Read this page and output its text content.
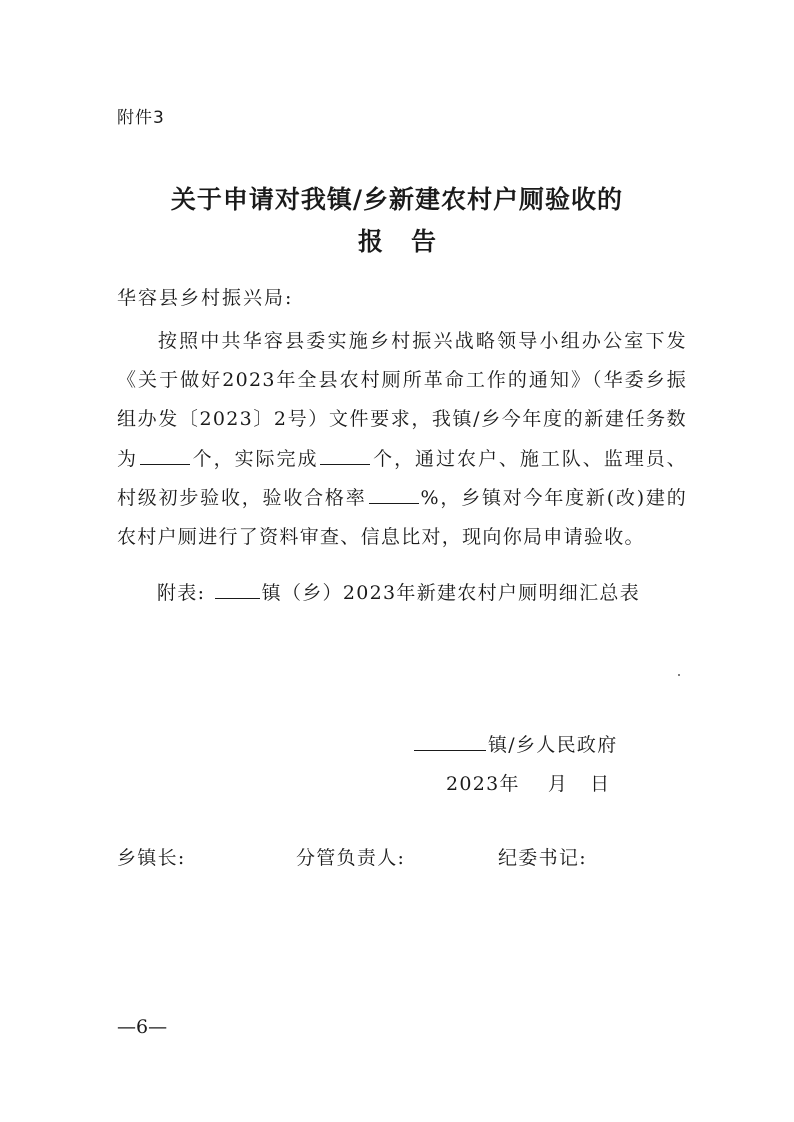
附件3
关于申请对我镇/乡新建农村户厕验收的
报告
华容县乡村振兴局:
按照中共华容县委实施乡村振兴战略领导小组办公室下发《关于做好2023年全县农村厕所革命工作的通知》（华委乡振组办发〔2023〕2号）文件要求，我镇/乡今年度的新建任务数为	个，实际完成	个，通过农户、施工队、监理员、村级初步验收，验收合格率	%，乡镇对今年度新(改)建的农村户厕进行了资料审查、信息比对，现向你局申请验收。
附表:	镇（乡）2023年新建农村户厕明细汇总表
镇/乡人民政府
2023年 月 日
乡镇长:	分管负责人:	纪委书记:
—6—
